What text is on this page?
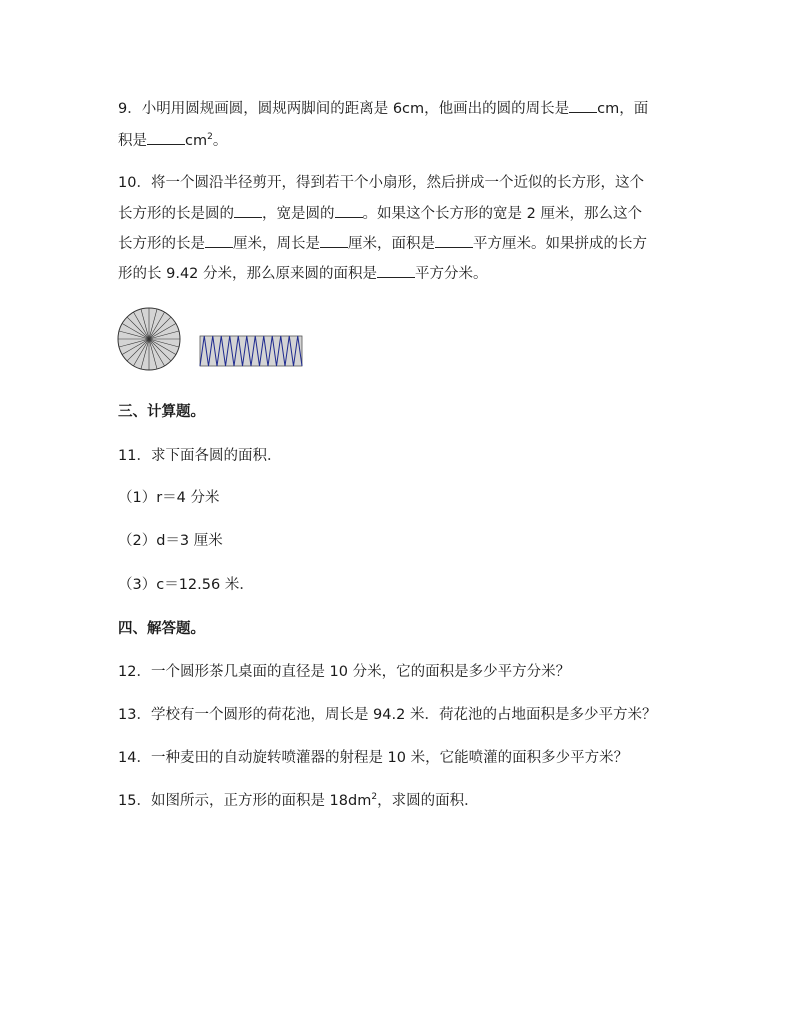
9．小明用圆规画圆，圆规两脚间的距离是 6cm，他画出的圆的周长是 cm，面
积是	$cm^2$。
10．将一个圆沿半径剪开，得到若干个小扇形，然后拼成一个近似的长方形，这个
长方形的长是圆的 ，宽是圆的 。如果这个长方形的宽是 2 厘米，那么这个
长方形的长是 厘米，周长是 厘米，面积是	平方厘米。如果拼成的长方
形的长 9.42 分米，那么原来圆的面积是	平方分米。
三、计算题。
11．求下面各圆的面积．
（1）r＝4 分米
（2）d＝3 厘米
（3）c＝12.56 米．
四、解答题。
12．一个圆形茶几桌面的直径是 10 分米，它的面积是多少平方分米？
13．学校有一个圆形的荷花池，周长是 94.2 米．荷花池的占地面积是多少平方米？
14．一种麦田的自动旋转喷灌器的射程是 10 米，它能喷灌的面积多少平方米？
15．如图所示，正方形的面积是 $18dm^2$，求圆的面积．
